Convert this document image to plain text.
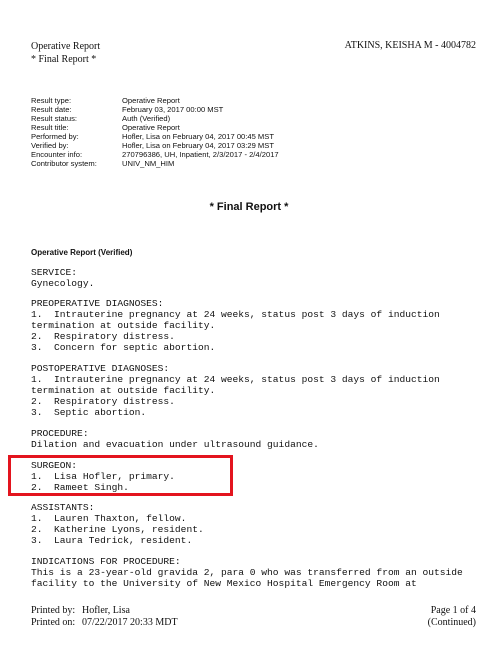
Operative Report
* Final Report *
ATKINS, KEISHA M - 4004782
Result type:	Operative Report
Result date:	February 03, 2017 00:00 MST
Result status:	Auth (Verified)
Result title:	Operative Report
Performed by:	Hofler, Lisa on February 04, 2017 00:45 MST
Verified by:	Hofler, Lisa on February 04, 2017 03:29 MST
Encounter info:	270796386, UH, Inpatient, 2/3/2017 - 2/4/2017
Contributor system:	UNIV_NM_HIM
* Final Report *
Operative Report (Verified)
SERVICE:
Gynecology.
PREOPERATIVE DIAGNOSES:
1.  Intrauterine pregnancy at 24 weeks, status post 3 days of induction
termination at outside facility.
2.  Respiratory distress.
3.  Concern for septic abortion.
POSTOPERATIVE DIAGNOSES:
1.  Intrauterine pregnancy at 24 weeks, status post 3 days of induction
termination at outside facility.
2.  Respiratory distress.
3.  Septic abortion.
PROCEDURE:
Dilation and evacuation under ultrasound guidance.
SURGEON:
1.  Lisa Hofler, primary.
2.  Rameet Singh.
ASSISTANTS:
1.  Lauren Thaxton, fellow.
2.  Katherine Lyons, resident.
3.  Laura Tedrick, resident.
INDICATIONS FOR PROCEDURE:
This is a 23-year-old gravida 2, para 0 who was transferred from an outside
facility to the University of New Mexico Hospital Emergency Room at
Printed by: Hofler, Lisa
Printed on: 07/22/2017 20:33 MDT
Page 1 of 4
(Continued)
